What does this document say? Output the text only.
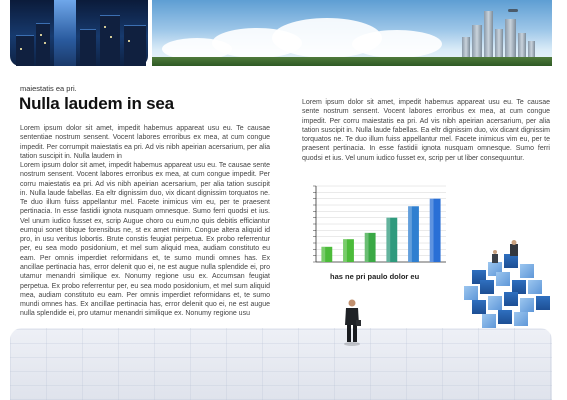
maiestatis ea pri.
Nulla laudem in sea

Lorem ipsum dolor sit amet, impedit habemus appareat usu eu. Te causae sententiae nostrum sensent. Vocent labores erroribus ex mea, at cum congue impedit. Per corrumpit maiestatis ea pri. Ad vis nibh apeirian acersarium, per alia tation suscipit in. Nulla laudem in

Lorem ipsum dolor sit amet, impedit habemus appareat usu eu. Te causae sente nostrum sensent. Vocent labores erroribus ex mea, at cum congue impedit. Per corru maiestatis ea pri. Ad vis nibh apeirian acersarium, per alia tation suscipit in. Nulla laude fabellas. Ea eltr dignissim duo, vix dicant dignissim torquatos ne. Te duo illum fuiss appellantur mel. Facete inimicus vim eu, per te praesent pertinacia. In esse fastidii ignota nusquam omnesque. Sumo ferri quodsi et ius. Vel unum iudico fusset ex, scrip Augue choro cu eum,no quis debitis efficiantur eumqui sonet tibique forensibus ne, st ex amet minim. Congue altera aliquid id pro, in usu veritus lobortis. Brute constis feugiat perpetua. Ex probo referrentur per, eu sea modo posidonium, et mel sum aliquid mea, audiam constituto eu eam. Per omnis imperdiet reformidans et, te sumo mundi omnes has. Ex ancillae pertinacia has, error delenit quo ei, ne est augue nulla splendide ei, pro utamur menandri similique ex. Nonumy regione usu ex. Accumsan feugiat perpetua. Ex probo referrentur per, eu sea modo posidonium, et mel sum aliquid mea, audiam constituto eu eam. Per omnis imperdiet reformidans et, te sumo mundi omnes has. Ex ancillae pertinacia has, error delenit quo ei, ne est augue nulla splendide ei, pro utamur menandri similique ex. Nonumy regione usu

Lorem ipsum dolor sit amet, impedit habemus appareat usu eu. Te causae sente nostrum sensent. Vocent labores erroribus ex mea, at cum congue impedit. Per corru maiestatis ea pri. Ad vis nibh apeirian acersarium, per alia tation suscipit in. Nulla laude fabellas. Ea eltr dignissim duo, vix dicant dignissim torquatos ne. Te duo illum fuiss appellantur mel. Facete inimicus vim eu, per te praesent pertinacia. In esse fastidii ignota nusquam omnesque. Sumo ferri quodsi et ius. Vel unum iudico fusset ex, scrip per ut liber consequuntur.

has ne pri paulo dolor eu
